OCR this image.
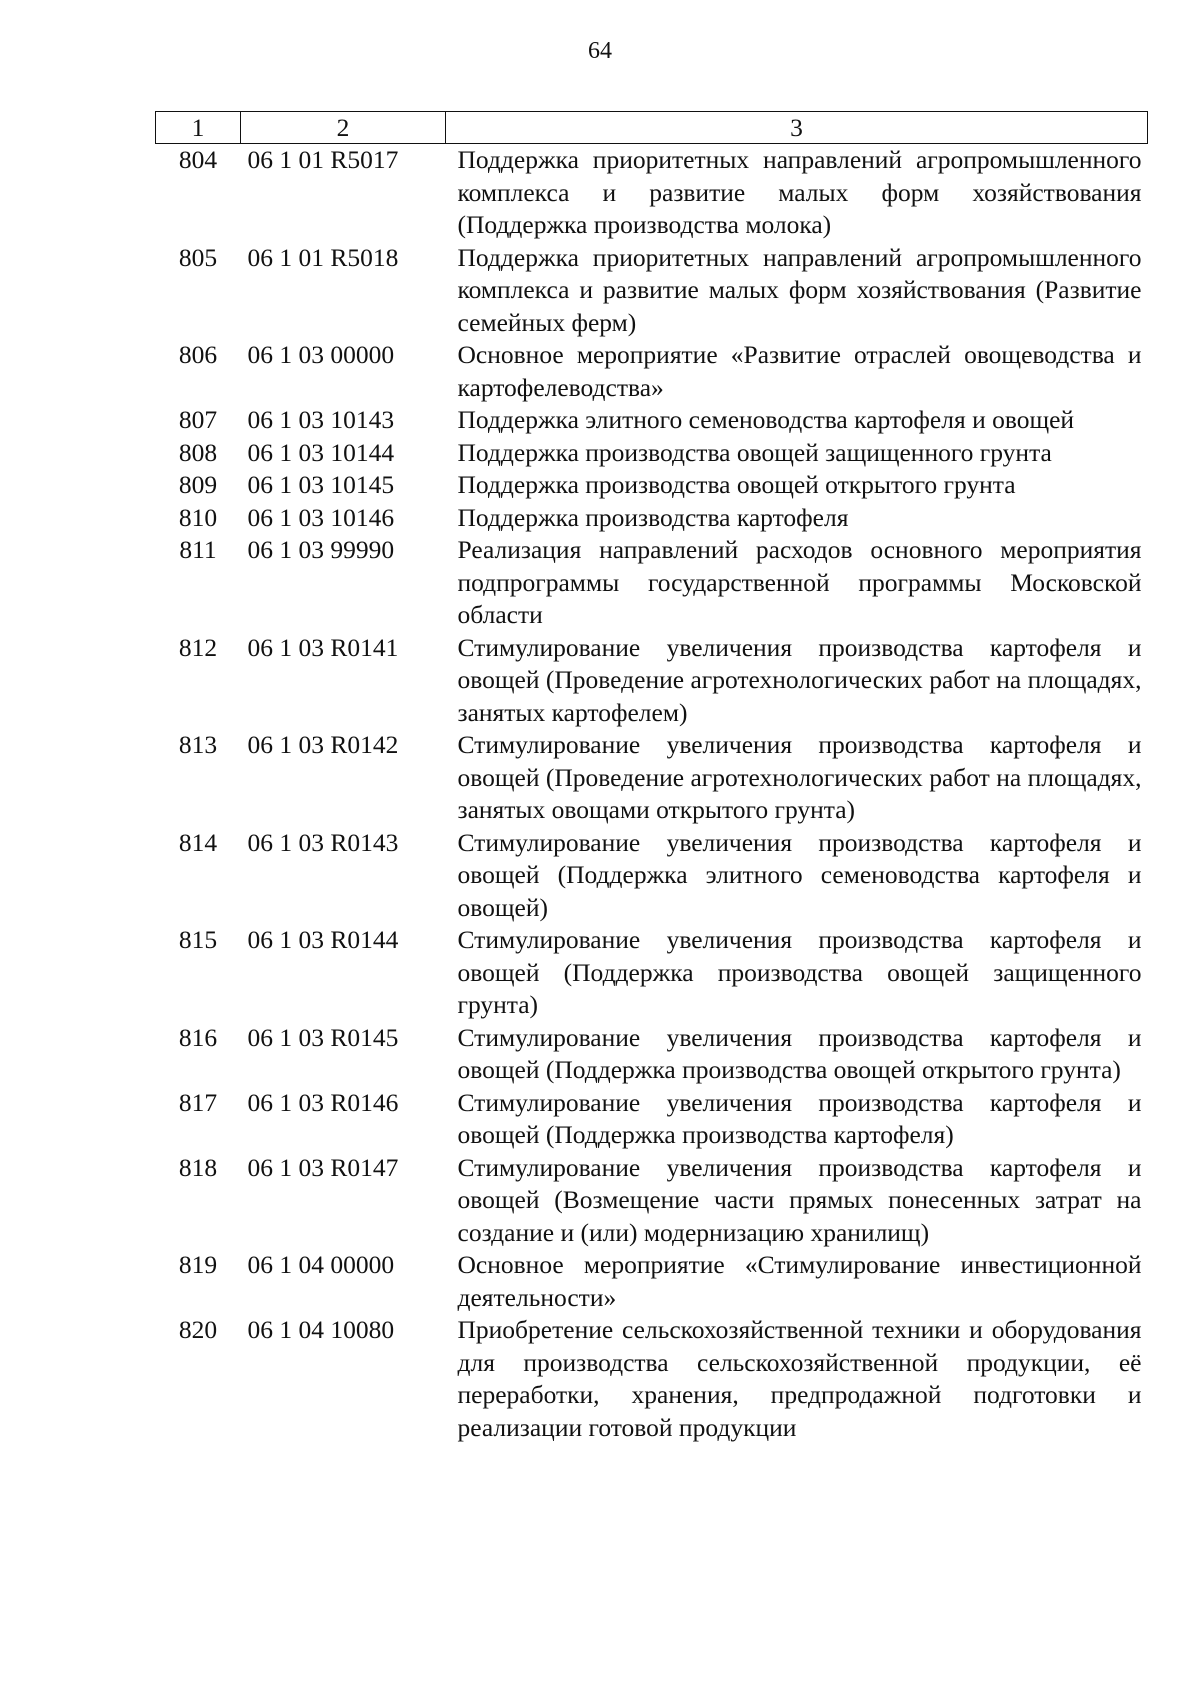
64
1	2	3
804	06 1 01 R5017	Поддержка приоритетных направлений агропромышленного комплекса и развитие малых форм хозяйствования (Поддержка производства молока)
805	06 1 01 R5018	Поддержка приоритетных направлений агропромышленного комплекса и развитие малых форм хозяйствования (Развитие семейных ферм)
806	06 1 03 00000	Основное мероприятие «Развитие отраслей овощеводства и картофелеводства»
807	06 1 03 10143	Поддержка элитного семеноводства картофеля и овощей
808	06 1 03 10144	Поддержка производства овощей защищенного грунта
809	06 1 03 10145	Поддержка производства овощей открытого грунта
810	06 1 03 10146	Поддержка производства картофеля
811	06 1 03 99990	Реализация направлений расходов основного мероприятия подпрограммы государственной программы Московской области
812	06 1 03 R0141	Стимулирование увеличения производства картофеля и овощей (Проведение агротехнологических работ на площадях, занятых картофелем)
813	06 1 03 R0142	Стимулирование увеличения производства картофеля и овощей (Проведение агротехнологических работ на площадях, занятых овощами открытого грунта)
814	06 1 03 R0143	Стимулирование увеличения производства картофеля и овощей (Поддержка элитного семеноводства картофеля и овощей)
815	06 1 03 R0144	Стимулирование увеличения производства картофеля и овощей (Поддержка производства овощей защищенного грунта)
816	06 1 03 R0145	Стимулирование увеличения производства картофеля и овощей (Поддержка производства овощей открытого грунта)
817	06 1 03 R0146	Стимулирование увеличения производства картофеля и овощей (Поддержка производства картофеля)
818	06 1 03 R0147	Стимулирование увеличения производства картофеля и овощей (Возмещение части прямых понесенных затрат на создание и (или) модернизацию хранилищ)
819	06 1 04 00000	Основное мероприятие «Стимулирование инвестиционной деятельности»
820	06 1 04 10080	Приобретение сельскохозяйственной техники и оборудования для производства сельскохозяйственной продукции, её переработки, хранения, предпродажной подготовки и реализации готовой продукции
